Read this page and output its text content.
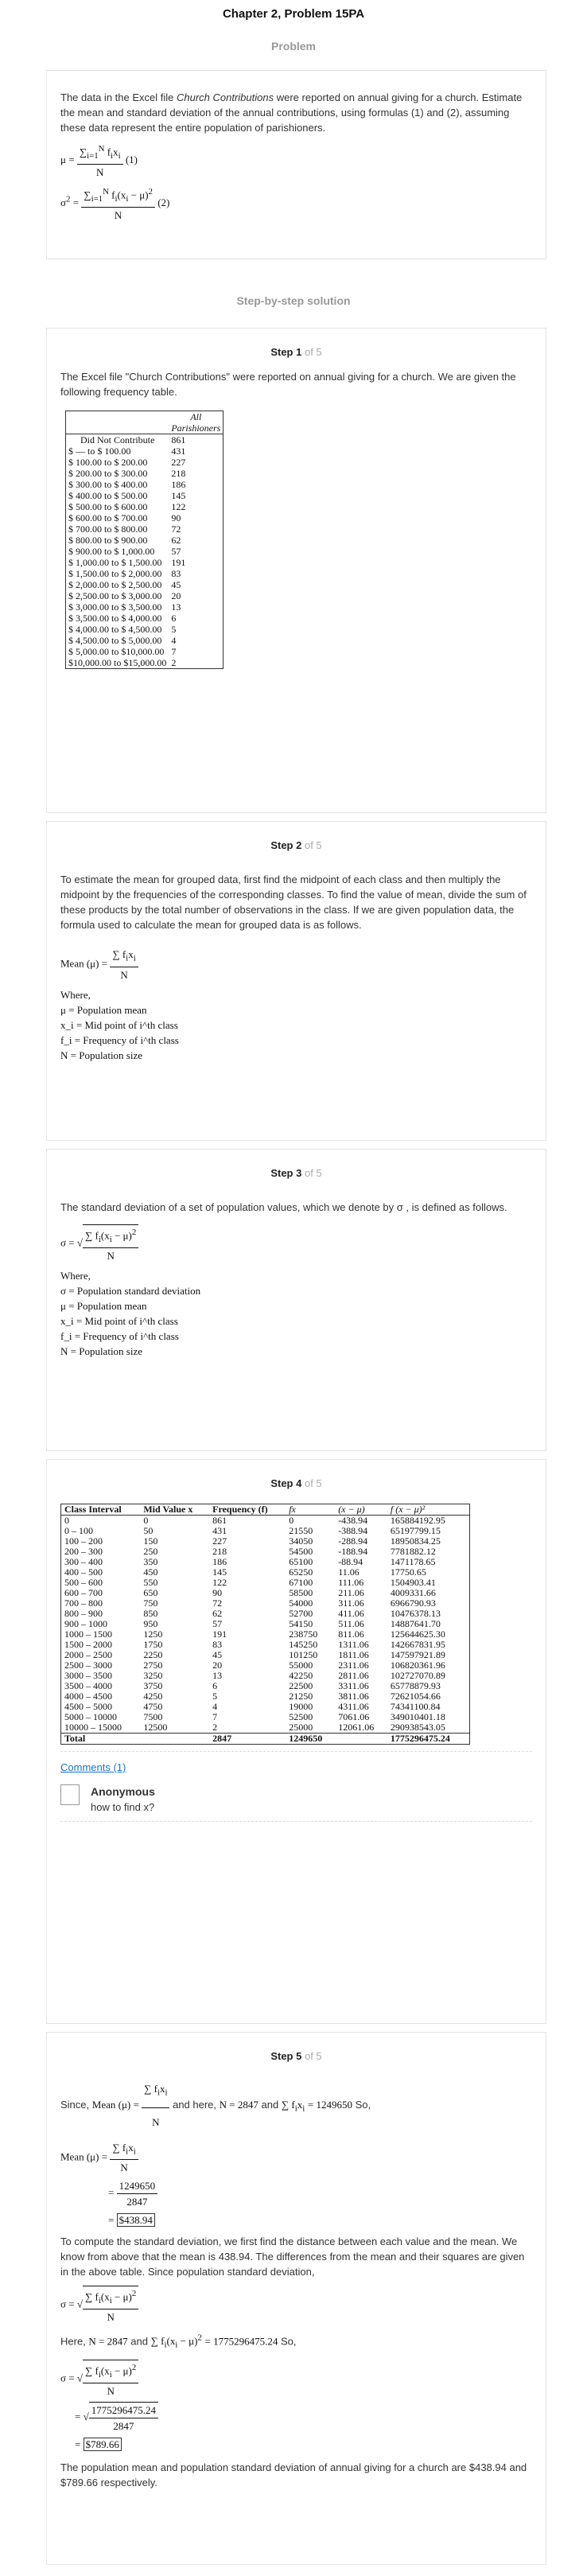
Chapter 2, Problem 15PA
Problem
The data in the Excel file Church Contributions were reported on annual giving for a church. Estimate the mean and standard deviation of the annual contributions, using formulas (1) and (2), assuming these data represent the entire population of parishioners.
$\mu = \frac{\sum_{i=1}^N f_ix_i}{N} (1)$
$\sigma^2 = \frac{\sum_{i=1}^N f_i(x_i - \mu)^2}{N} (2)$
Step-by-step solution
Step 1 of 5
The Excel file "Church Contributions" were reported on annual giving for a church. We are given the following frequency table.
	All
	Parishioners
Did Not Contribute	861
$ — to $ 100.00	431
$ 100.00 to $ 200.00	227
$ 200.00 to $ 300.00	218
$ 300.00 to $ 400.00	186
$ 400.00 to $ 500.00	145
$ 500.00 to $ 600.00	122
$ 600.00 to $ 700.00	90
$ 700.00 to $ 800.00	72
$ 800.00 to $ 900.00	62
$ 900.00 to $ 1,000.00	57
$ 1,000.00 to $ 1,500.00	191
$ 1,500.00 to $ 2,000.00	83
$ 2,000.00 to $ 2,500.00	45
$ 2,500.00 to $ 3,000.00	20
$ 3,000.00 to $ 3,500.00	13
$ 3,500.00 to $ 4,000.00	6
$ 4,000.00 to $ 4,500.00	5
$ 4,500.00 to $ 5,000.00	4
$ 5,000.00 to $10,000.00	7
$10,000.00 to $15,000.00	2
Step 2 of 5
To estimate the mean for grouped data, first find the midpoint of each class and then multiply the midpoint by the frequencies of the corresponding classes. To find the value of mean, divide the sum of these products by the total number of observations in the class. If we are given population data, the formula used to calculate the mean for grouped data is as follows.
Mean $(\mu) = \frac{\sum f_ix_i}{N}$
Where,
μ = Population mean
x_i = Mid point of i^th class
f_i = Frequency of i^th class
N = Population size
Step 3 of 5
The standard deviation of a set of population values, which we denote by σ , is defined as follows.
σ = √ $\frac{\sum f_i(x_i - \mu)^2}{N}$
Where,
σ = Population standard deviation
μ = Population mean
x_i = Mid point of i^th class
f_i = Frequency of i^th class
N = Population size
Step 4 of 5
Class Interval	Mid Value x	Frequency (f)	fx	(x − μ)	f (x − μ)²
0	0	861	0	-438.94	165884192.95
0 – 100	50	431	21550	-388.94	65197799.15
100 – 200	150	227	34050	-288.94	18950834.25
200 – 300	250	218	54500	-188.94	7781882.12
300 – 400	350	186	65100	-88.94	1471178.65
400 – 500	450	145	65250	11.06	17750.65
500 – 600	550	122	67100	111.06	1504903.41
600 – 700	650	90	58500	211.06	4009331.66
700 – 800	750	72	54000	311.06	6966790.93
800 – 900	850	62	52700	411.06	10476378.13
900 – 1000	950	57	54150	511.06	14887641.70
1000 – 1500	1250	191	238750	811.06	125644625.30
1500 – 2000	1750	83	145250	1311.06	142667831.95
2000 – 2500	2250	45	101250	1811.06	147597921.89
2500 – 3000	2750	20	55000	2311.06	106820361.96
3000 – 3500	3250	13	42250	2811.06	102727070.89
3500 – 4000	3750	6	22500	3311.06	65778879.93
4000 – 4500	4250	5	21250	3811.06	72621054.66
4500 – 5000	4750	4	19000	4311.06	74341100.84
5000 – 10000	7500	7	52500	7061.06	349010401.18
10000 – 15000	12500	2	25000	12061.06	290938543.05
Total		2847	1249650		1775296475.24
Comments (1)
Anonymous
how to find x?
Step 5 of 5
Since, Mean $(\mu) = \frac{\sum f_ix_i}{N}$ and here, N = 2847 and ∑ $f_ix_i = 1249650$ So,
Mean $(\mu) = \frac{\sum f_ix_i}{N}$
= $\frac{1249650}{2847}$
= $438.94
To compute the standard deviation, we first find the distance between each value and the mean. We know from above that the mean is 438.94. The differences from the mean and their squares are given in the above table. Since population standard deviation,
σ = √ $\frac{\sum f_i(x_i - \mu)^2}{N}$
Here, N = 2847 and ∑ $f_i(x_i - \mu)^2 = 1775296475.24$ So,
σ = √ $\frac{\sum f_i(x_i - \mu)^2}{N}$
= √ $\frac{1775296475.24}{2847}$
= $789.66
The population mean and population standard deviation of annual giving for a church are $438.94 and $789.66 respectively.
